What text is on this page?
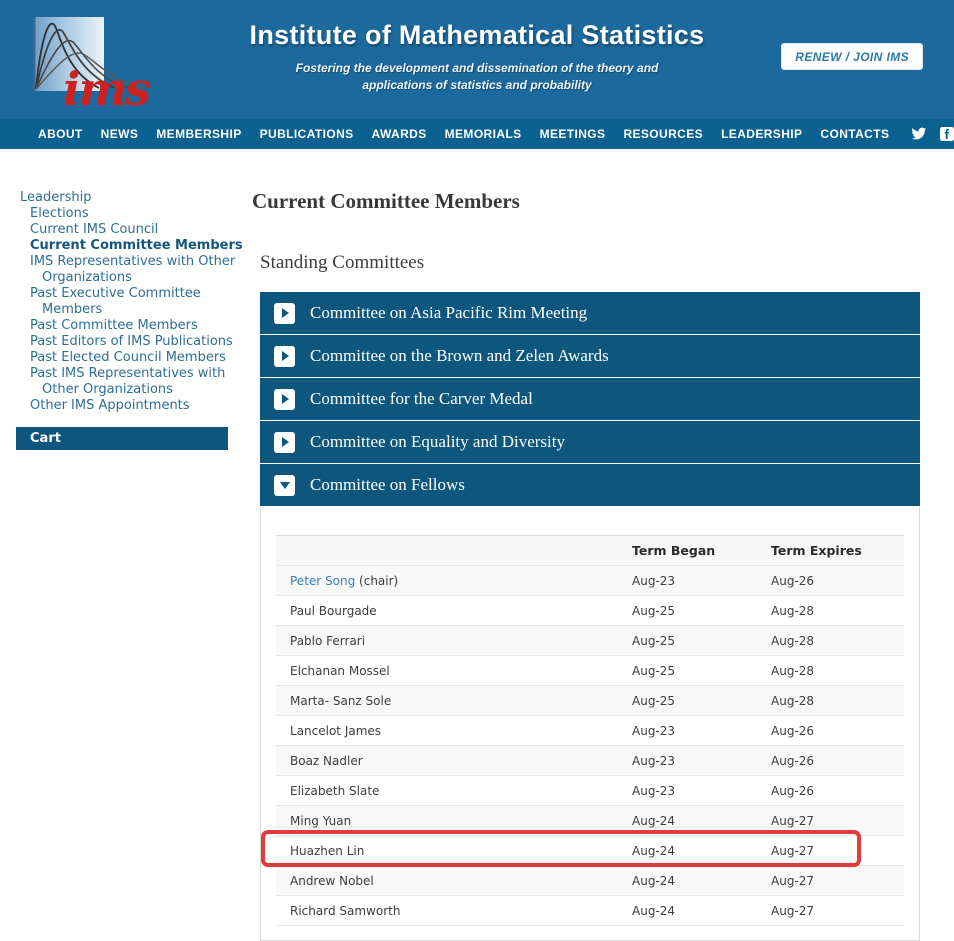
ims
Institute of Mathematical Statistics
Fostering the development and dissemination of the theory and
applications of statistics and probability
RENEW / JOIN IMS
ABOUT NEWS MEMBERSHIP PUBLICATIONS AWARDS MEMORIALS MEETINGS RESOURCES LEADERSHIP CONTACTS
Leadership
Elections
Current IMS Council
Current Committee Members
IMS Representatives with Other Organizations
Past Executive Committee Members
Past Committee Members
Past Editors of IMS Publications
Past Elected Council Members
Past IMS Representatives with Other Organizations
Other IMS Appointments
Cart
Current Committee Members
Standing Committees
Committee on Asia Pacific Rim Meeting
Committee on the Brown and Zelen Awards
Committee for the Carver Medal
Committee on Equality and Diversity
Committee on Fellows
	Term Began	Term Expires
Peter Song (chair)	Aug-23	Aug-26
Paul Bourgade	Aug-25	Aug-28
Pablo Ferrari	Aug-25	Aug-28
Elchanan Mossel	Aug-25	Aug-28
Marta- Sanz Sole	Aug-25	Aug-28
Lancelot James	Aug-23	Aug-26
Boaz Nadler	Aug-23	Aug-26
Elizabeth Slate	Aug-23	Aug-26
Ming Yuan	Aug-24	Aug-27
Huazhen Lin	Aug-24	Aug-27
Andrew Nobel	Aug-24	Aug-27
Richard Samworth	Aug-24	Aug-27
